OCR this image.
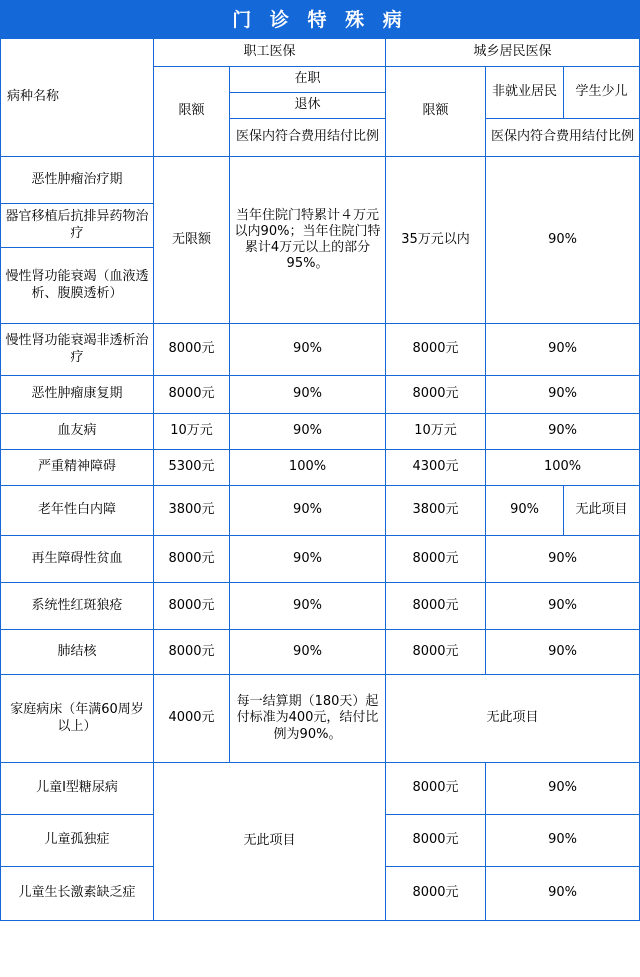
门 诊 特 殊 病
病种名称	职工医保		城乡居民医保		
	限额	在职	限额	非就业居民	学生少儿
		退休			
		医保内符合费用结付比例		医保内符合费用结付比例	
恶性肿瘤治疗期	无限额	当年住院门特累计４万元以内90%；当年住院门特累计4万元以上的部分95%。	35万元以内	90%	
器官移植后抗排异药物治疗					
慢性肾功能衰竭（血液透析、腹膜透析）					
慢性肾功能衰竭非透析治疗	8000元	90%	8000元	90%	
恶性肿瘤康复期	8000元	90%	8000元	90%	
血友病	10万元	90%	10万元	90%	
严重精神障碍	5300元	100%	4300元	100%	
老年性白内障	3800元	90%	3800元	90%	无此项目
再生障碍性贫血	8000元	90%	8000元	90%	
系统性红斑狼疮	8000元	90%	8000元	90%	
肺结核	8000元	90%	8000元	90%	
家庭病床（年满60周岁以上）	4000元	每一结算期（180天）起付标准为400元，结付比例为90%。	无此项目		
儿童Ⅰ型糖尿病	无此项目		8000元	90%	
儿童孤独症			8000元	90%	
儿童生长激素缺乏症			8000元	90%	
